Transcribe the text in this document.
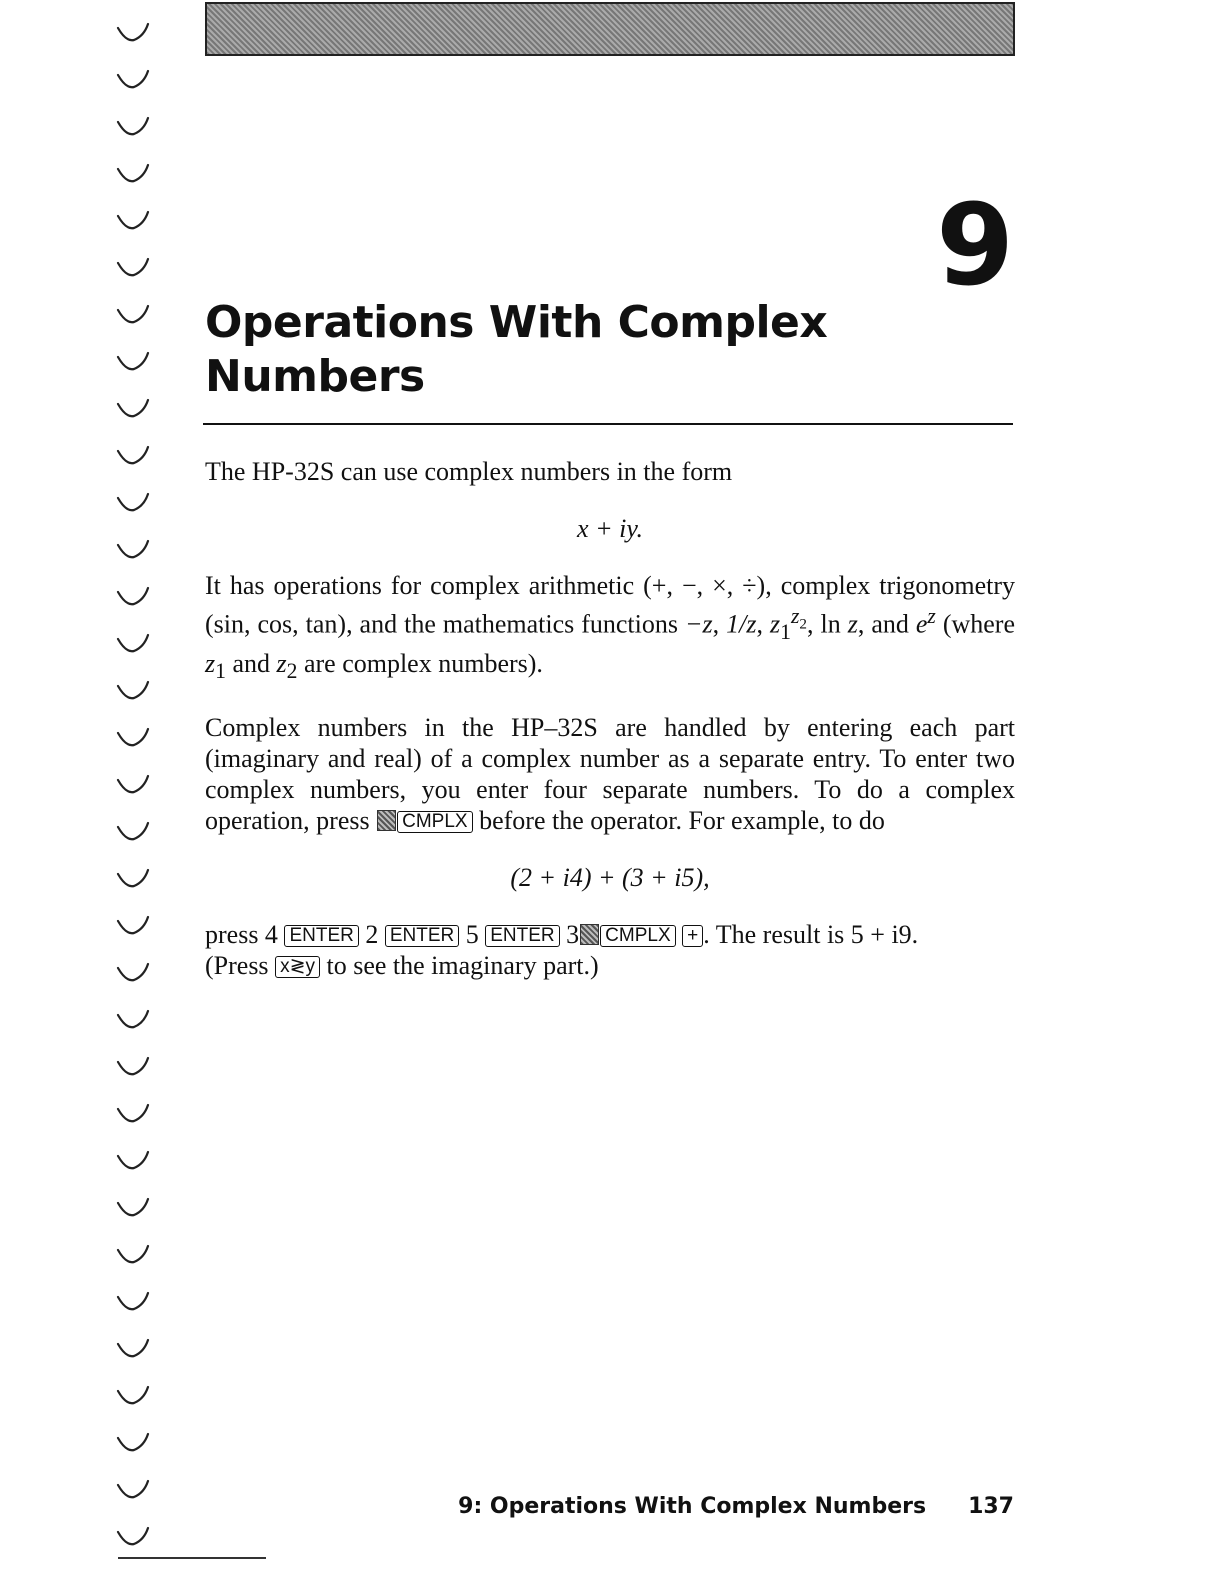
9
Operations With Complex Numbers

The HP-32S can use complex numbers in the form

x + iy.

It has operations for complex arithmetic (+, −, ×, ÷), complex trigonometry (sin, cos, tan), and the mathematics functions −z, 1/z, $z_1^{z_2}$, ln z, and $e^z$ (where $z_1$ and $z_2$ are complex numbers).

Complex numbers in the HP–32S are handled by entering each part (imaginary and real) of a complex number as a separate entry. To enter two complex numbers, you enter four separate numbers. To do a complex operation, press CMPLX before the operator. For example, to do

(2 + i4) + (3 + i5),

press 4 ENTER 2 ENTER 5 ENTER 3 CMPLX + . The result is 5 + i9.
(Press x≷y to see the imaginary part.)

9: Operations With Complex Numbers 137
